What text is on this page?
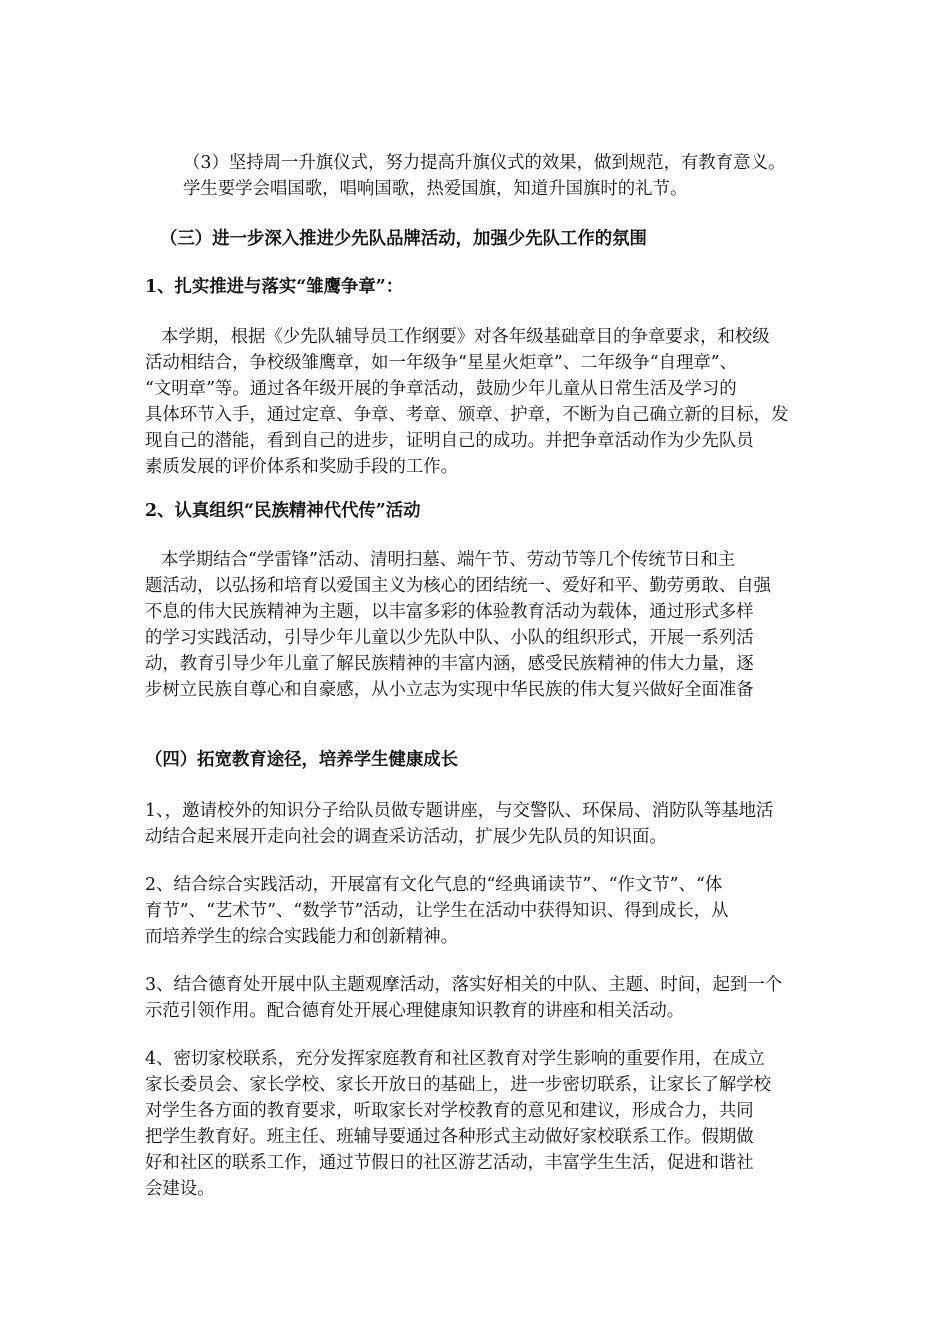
（3）坚持周一升旗仪式，努力提高升旗仪式的效果，做到规范，有教育意义。
学生要学会唱国歌，唱响国歌，热爱国旗，知道升国旗时的礼节。
（三）进一步深入推进少先队品牌活动，加强少先队工作的氛围
1、扎实推进与落实“雏鹰争章”：
本学期，根据《少先队辅导员工作纲要》对各年级基础章目的争章要求，和校级
活动相结合，争校级雏鹰章，如一年级争“星星火炬章”、二年级争“自理章”、
“文明章”等。通过各年级开展的争章活动，鼓励少年儿童从日常生活及学习的
具体环节入手，通过定章、争章、考章、颁章、护章，不断为自己确立新的目标，发
现自己的潜能，看到自己的进步，证明自己的成功。并把争章活动作为少先队员
素质发展的评价体系和奖励手段的工作。
2、认真组织“民族精神代代传”活动
本学期结合“学雷锋”活动、清明扫墓、端午节、劳动节等几个传统节日和主
题活动，以弘扬和培育以爱国主义为核心的团结统一、爱好和平、勤劳勇敢、自强
不息的伟大民族精神为主题，以丰富多彩的体验教育活动为载体，通过形式多样
的学习实践活动，引导少年儿童以少先队中队、小队的组织形式，开展一系列活
动，教育引导少年儿童了解民族精神的丰富内涵，感受民族精神的伟大力量，逐
步树立民族自尊心和自豪感，从小立志为实现中华民族的伟大复兴做好全面准备
（四）拓宽教育途径，培养学生健康成长
1、，邀请校外的知识分子给队员做专题讲座，与交警队、环保局、消防队等基地活
动结合起来展开走向社会的调查采访活动，扩展少先队员的知识面。
2、结合综合实践活动，开展富有文化气息的“经典诵读节”、“作文节”、“体
育节”、“艺术节”、“数学节”活动，让学生在活动中获得知识、得到成长，从
而培养学生的综合实践能力和创新精神。
3、结合德育处开展中队主题观摩活动，落实好相关的中队、主题、时间，起到一个
示范引领作用。配合德育处开展心理健康知识教育的讲座和相关活动。
4、密切家校联系，充分发挥家庭教育和社区教育对学生影响的重要作用，在成立
家长委员会、家长学校、家长开放日的基础上，进一步密切联系，让家长了解学校
对学生各方面的教育要求，听取家长对学校教育的意见和建议，形成合力，共同
把学生教育好。班主任、班辅导要通过各种形式主动做好家校联系工作。假期做
好和社区的联系工作，通过节假日的社区游艺活动，丰富学生生活，促进和谐社
会建设。
